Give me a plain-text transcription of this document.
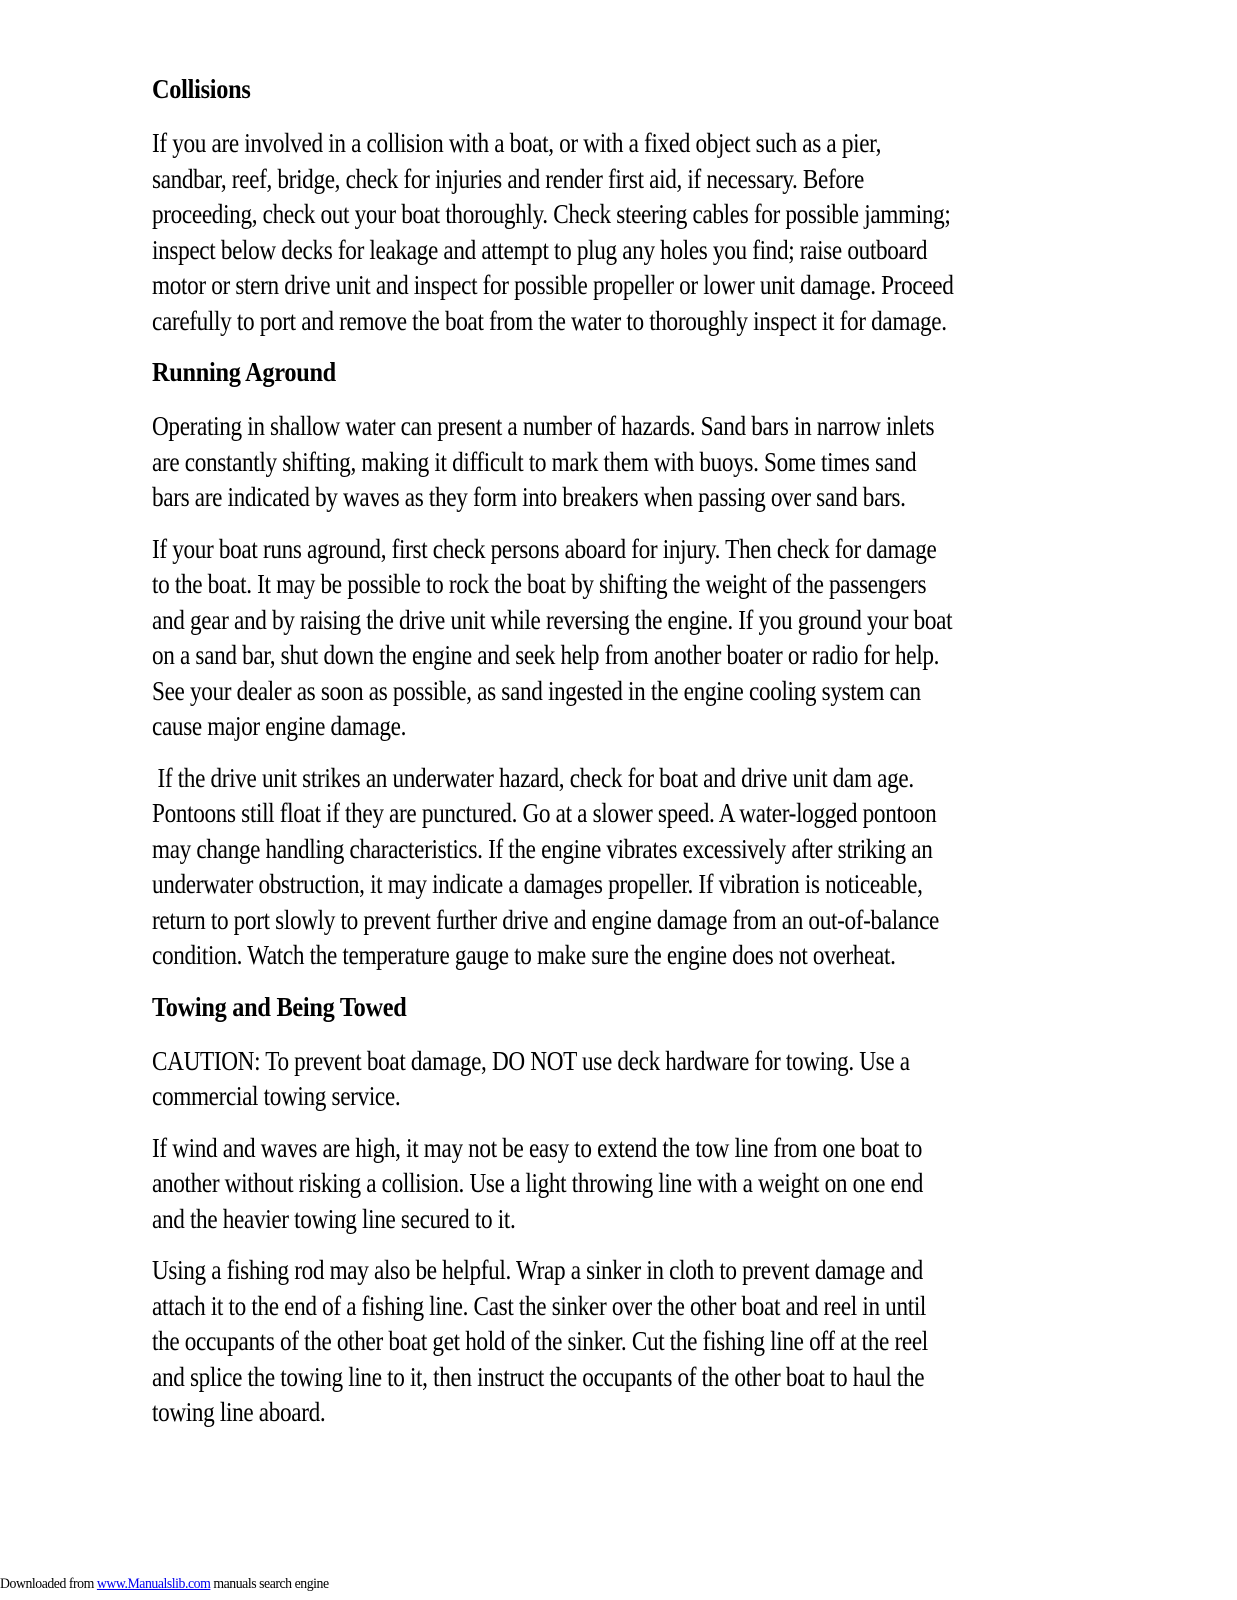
Collisions

If you are involved in a collision with a boat, or with a fixed object such as a pier,
sandbar, reef, bridge, check for injuries and render first aid, if necessary. Before
proceeding, check out your boat thoroughly. Check steering cables for possible jamming;
inspect below decks for leakage and attempt to plug any holes you find; raise outboard
motor or stern drive unit and inspect for possible propeller or lower unit damage. Proceed
carefully to port and remove the boat from the water to thoroughly inspect it for damage.

Running Aground

Operating in shallow water can present a number of hazards. Sand bars in narrow inlets
are constantly shifting, making it difficult to mark them with buoys. Some times sand
bars are indicated by waves as they form into breakers when passing over sand bars.

If your boat runs aground, first check persons aboard for injury. Then check for damage
to the boat. It may be possible to rock the boat by shifting the weight of the passengers
and gear and by raising the drive unit while reversing the engine. If you ground your boat
on a sand bar, shut down the engine and seek help from another boater or radio for help.
See your dealer as soon as possible, as sand ingested in the engine cooling system can
cause major engine damage.

If the drive unit strikes an underwater hazard, check for boat and drive unit dam age.
Pontoons still float if they are punctured. Go at a slower speed. A water-logged pontoon
may change handling characteristics. If the engine vibrates excessively after striking an
underwater obstruction, it may indicate a damages propeller. If vibration is noticeable,
return to port slowly to prevent further drive and engine damage from an out-of-balance
condition. Watch the temperature gauge to make sure the engine does not overheat.

Towing and Being Towed

CAUTION: To prevent boat damage, DO NOT use deck hardware for towing. Use a
commercial towing service.

If wind and waves are high, it may not be easy to extend the tow line from one boat to
another without risking a collision. Use a light throwing line with a weight on one end
and the heavier towing line secured to it.

Using a fishing rod may also be helpful. Wrap a sinker in cloth to prevent damage and
attach it to the end of a fishing line. Cast the sinker over the other boat and reel in until
the occupants of the other boat get hold of the sinker. Cut the fishing line off at the reel
and splice the towing line to it, then instruct the occupants of the other boat to haul the
towing line aboard.

Downloaded from www.Manualslib.com manuals search engine
